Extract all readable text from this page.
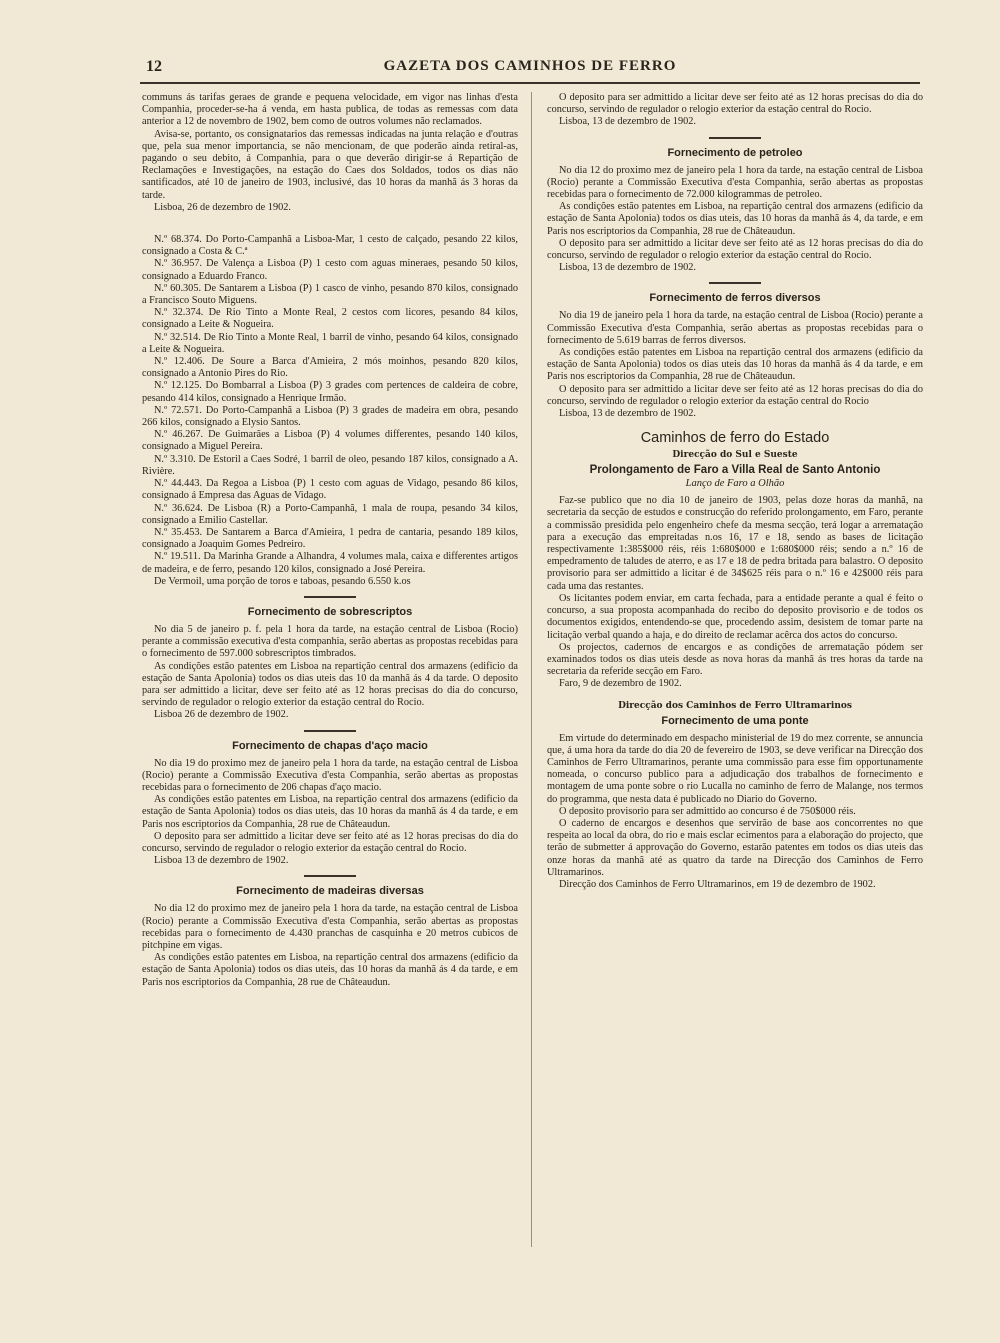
12	GAZETA DOS CAMINHOS DE FERRO

communs ás tarifas geraes de grande e pequena velocidade, em vigor nas linhas d'esta Companhia, proceder-se-ha á venda, em hasta publica, de todas as remessas com data anterior a 12 de novembro de 1902, bem como de outros volumes não reclamados.

Avisa-se, portanto, os consignatarios das remessas indicadas na junta relação e d'outras que, pela sua menor importancia, se não mencionam, de que poderão ainda retiral-as, pagando o seu debito, á Companhia, para o que deverão dirigir-se á Repartição de Reclamações e Investigações, na estação do Caes dos Soldados, todos os dias não santificados, até 10 de janeiro de 1903, inclusivé, das 10 horas da manhã ás 3 horas da tarde.

Lisboa, 26 de dezembro de 1902.

N.º 68.374. Do Porto-Campanhã a Lisboa-Mar, 1 cesto de calçado, pesando 22 kilos, consignado a Costa & C.ª

N.º 36.957. De Valença a Lisboa (P) 1 cesto com aguas mineraes, pesando 50 kilos, consignado a Eduardo Franco.

N.º 60.305. De Santarem a Lisboa (P) 1 casco de vinho, pesando 870 kilos, consignado a Francisco Souto Miguens.

N.º 32.374. De Rio Tinto a Monte Real, 2 cestos com licores, pesando 84 kilos, consignado a Leite & Nogueira.

N.º 32.514. De Rio Tinto a Monte Real, 1 barril de vinho, pesando 64 kilos, consignado a Leite & Nogueira.

N.º 12.406. De Soure a Barca d'Amieira, 2 mós moinhos, pesando 820 kilos, consignado a Antonio Pires do Rio.

N.º 12.125. Do Bombarral a Lisboa (P) 3 grades com pertences de caldeira de cobre, pesando 414 kilos, consignado a Henrique Irmão.

N.º 72.571. Do Porto-Campanhã a Lisboa (P) 3 grades de madeira em obra, pesando 266 kilos, consignado a Elysio Santos.

N.º 46.267. De Guimarães a Lisboa (P) 4 volumes differentes, pesando 140 kilos, consignado a Miguel Pereira.

N.º 3.310. De Estoril a Caes Sodré, 1 barril de oleo, pesando 187 kilos, consignado a A. Rivière.

N.º 44.443. Da Regoa a Lisboa (P) 1 cesto com aguas de Vidago, pesando 86 kilos, consignado á Empresa das Aguas de Vidago.

N.º 36.624. De Lisboa (R) a Porto-Campanhã, 1 mala de roupa, pesando 34 kilos, consignado a Emilio Castellar.

N.º 35.453. De Santarem a Barca d'Amieira, 1 pedra de cantaria, pesando 189 kilos, consignado a Joaquim Gomes Pedreiro.

N.º 19.511. Da Marinha Grande a Alhandra, 4 volumes mala, caixa e differentes artigos de madeira, e de ferro, pesando 120 kilos, consignado a José Pereira.

De Vermoil, uma porção de toros e taboas, pesando 6.550 k.os

Fornecimento de sobrescriptos

No dia 5 de janeiro p. f. pela 1 hora da tarde, na estação central de Lisboa (Rocio) perante a commissão executiva d'esta companhia, serão abertas as propostas recebidas para o fornecimento de 597.000 sobrescriptos timbrados.

As condições estão patentes em Lisboa na repartição central dos armazens (edificio da estação de Santa Apolonia) todos os dias uteis das 10 da manhã ás 4 da tarde. O deposito para ser admittido a licitar, deve ser feito até as 12 horas precisas do dia do concurso, servindo de regulador o relogio exterior da estação central do Rocio.

Lisboa 26 de dezembro de 1902.

Fornecimento de chapas d'aço macio

No dia 19 do proximo mez de janeiro pela 1 hora da tarde, na estação central de Lisboa (Rocio) perante a Commissão Executiva d'esta Companhia, serão abertas as propostas recebidas para o fornecimento de 206 chapas d'aço macio.

As condições estão patentes em Lisboa, na repartição central dos armazens (edificio da estação de Santa Apolonia) todos os dias uteis, das 10 horas da manhã ás 4 da tarde, e em Paris nos escriptorios da Companhia, 28 rue de Châteaudun.

O deposito para ser admittido a licitar deve ser feito até as 12 horas precisas do dia do concurso, servindo de regulador o relogio exterior da estação central do Rocio.

Lisboa 13 de dezembro de 1902.

Fornecimento de madeiras diversas

No dia 12 do proximo mez de janeiro pela 1 hora da tarde, na estação central de Lisboa (Rocio) perante a Commissão Executiva d'esta Companhia, serão abertas as propostas recebidas para o fornecimento de 4.430 pranchas de casquinha e 20 metros cubicos de pitchpine em vigas.

As condições estão patentes em Lisboa, na repartição central dos armazens (edificio da estação de Santa Apolonia) todos os dias uteis, das 10 horas da manhã ás 4 da tarde, e em Paris nos escriptorios da Companhia, 28 rue de Châteaudun.

O deposito para ser admittido a licitar deve ser feito até as 12 horas precisas do dia do concurso, servindo de regulador o relogio exterior da estação central do Rocio.

Lisboa, 13 de dezembro de 1902.

Fornecimento de petroleo

No dia 12 do proximo mez de janeiro pela 1 hora da tarde, na estação central de Lisboa (Rocio) perante a Commissão Executiva d'esta Companhia, serão abertas as propostas recebidas para o fornecimento de 72.000 kilogrammas de petroleo.

As condições estão patentes em Lisboa, na repartição central dos armazens (edificio da estação de Santa Apolonia) todos os dias uteis, das 10 horas da manhã ás 4, da tarde, e em Paris nos escriptorios da Companhia, 28 rue de Châteaudun.

O deposito para ser admittido a licitar deve ser feito até as 12 horas precisas do dia do concurso, servindo de regulador o relogio exterior da estação central do Rocio.

Lisboa, 13 de dezembro de 1902.

Fornecimento de ferros diversos

No dia 19 de janeiro pela 1 hora da tarde, na estação central de Lisboa (Rocio) perante a Commissão Executiva d'esta Companhia, serão abertas as propostas recebidas para o fornecimento de 5.619 barras de ferros diversos.

As condições estão patentes em Lisboa na repartição central dos armazens (edificio da estação de Santa Apolonia) todos os dias uteis das 10 horas da manhã ás 4 da tarde, e em Paris nos escriptorios da Companhia, 28 rue de Châteaudun.

O deposito para ser admittido a licitar deve ser feito até as 12 horas precisas do dia do concurso, servindo de regulador o relogio exterior da estação central do Rocio

Lisboa, 13 de dezembro de 1902.

Caminhos de ferro do Estado
Direcção do Sul e Sueste
Prolongamento de Faro a Villa Real de Santo Antonio
Lanço de Faro a Olhão

Faz-se publico que no dia 10 de janeiro de 1903, pelas doze horas da manhã, na secretaria da secção de estudos e construcção do referido prolongamento, em Faro, perante a commissão presidida pelo engenheiro chefe da mesma secção, terá logar a arrematação para a execução das empreitadas n.os 16, 17 e 18, sendo as bases de licitação respectivamente 1:385$000 réis, réis 1:680$000 e 1:680$000 réis; sendo a n.º 16 de empedramento de taludes de aterro, e as 17 e 18 de pedra britada para balastro. O deposito provisorio para ser admittido a licitar é de 34$625 réis para o n.º 16 e 42$000 réis para cada uma das restantes.

Os licitantes podem enviar, em carta fechada, para a entidade perante a qual é feito o concurso, a sua proposta acompanhada do recibo do deposito provisorio e de todos os documentos exigidos, entendendo-se que, procedendo assim, desistem de tomar parte na licitação verbal quando a haja, e do direito de reclamar acêrca dos actos do concurso.

Os projectos, cadernos de encargos e as condições de arrematação pódem ser examinados todos os dias uteis desde as nova horas da manhã ás tres horas da tarde na secretaria da referide secção em Faro.

Faro, 9 de dezembro de 1902.

Direcção dos Caminhos de Ferro Ultramarinos
Fornecimento de uma ponte

Em virtude do determinado em despacho ministerial de 19 do mez corrente, se annuncia que, á uma hora da tarde do dia 20 de fevereiro de 1903, se deve verificar na Direcção dos Caminhos de Ferro Ultramarinos, perante uma commissão para esse fim opportunamente nomeada, o concurso publico para a adjudicação dos trabalhos de fornecimento e montagem de uma ponte sobre o rio Lucalla no caminho de ferro de Malange, nos termos do programma, que nesta data é publicado no Diario do Governo.

O deposito provisorio para ser admittido ao concurso é de 750$000 réis.

O caderno de encargos e desenhos que servirão de base aos concorrentes no que respeita ao local da obra, do rio e mais esclar ecimentos para a elaboração do projecto, que terão de submetter á approvação do Governo, estarão patentes em todos os dias uteis das onze horas da manhã até as quatro da tarde na Direcção dos Caminhos de Ferro Ultramarinos.

Direcção dos Caminhos de Ferro Ultramarinos, em 19 de dezembro de 1902.
